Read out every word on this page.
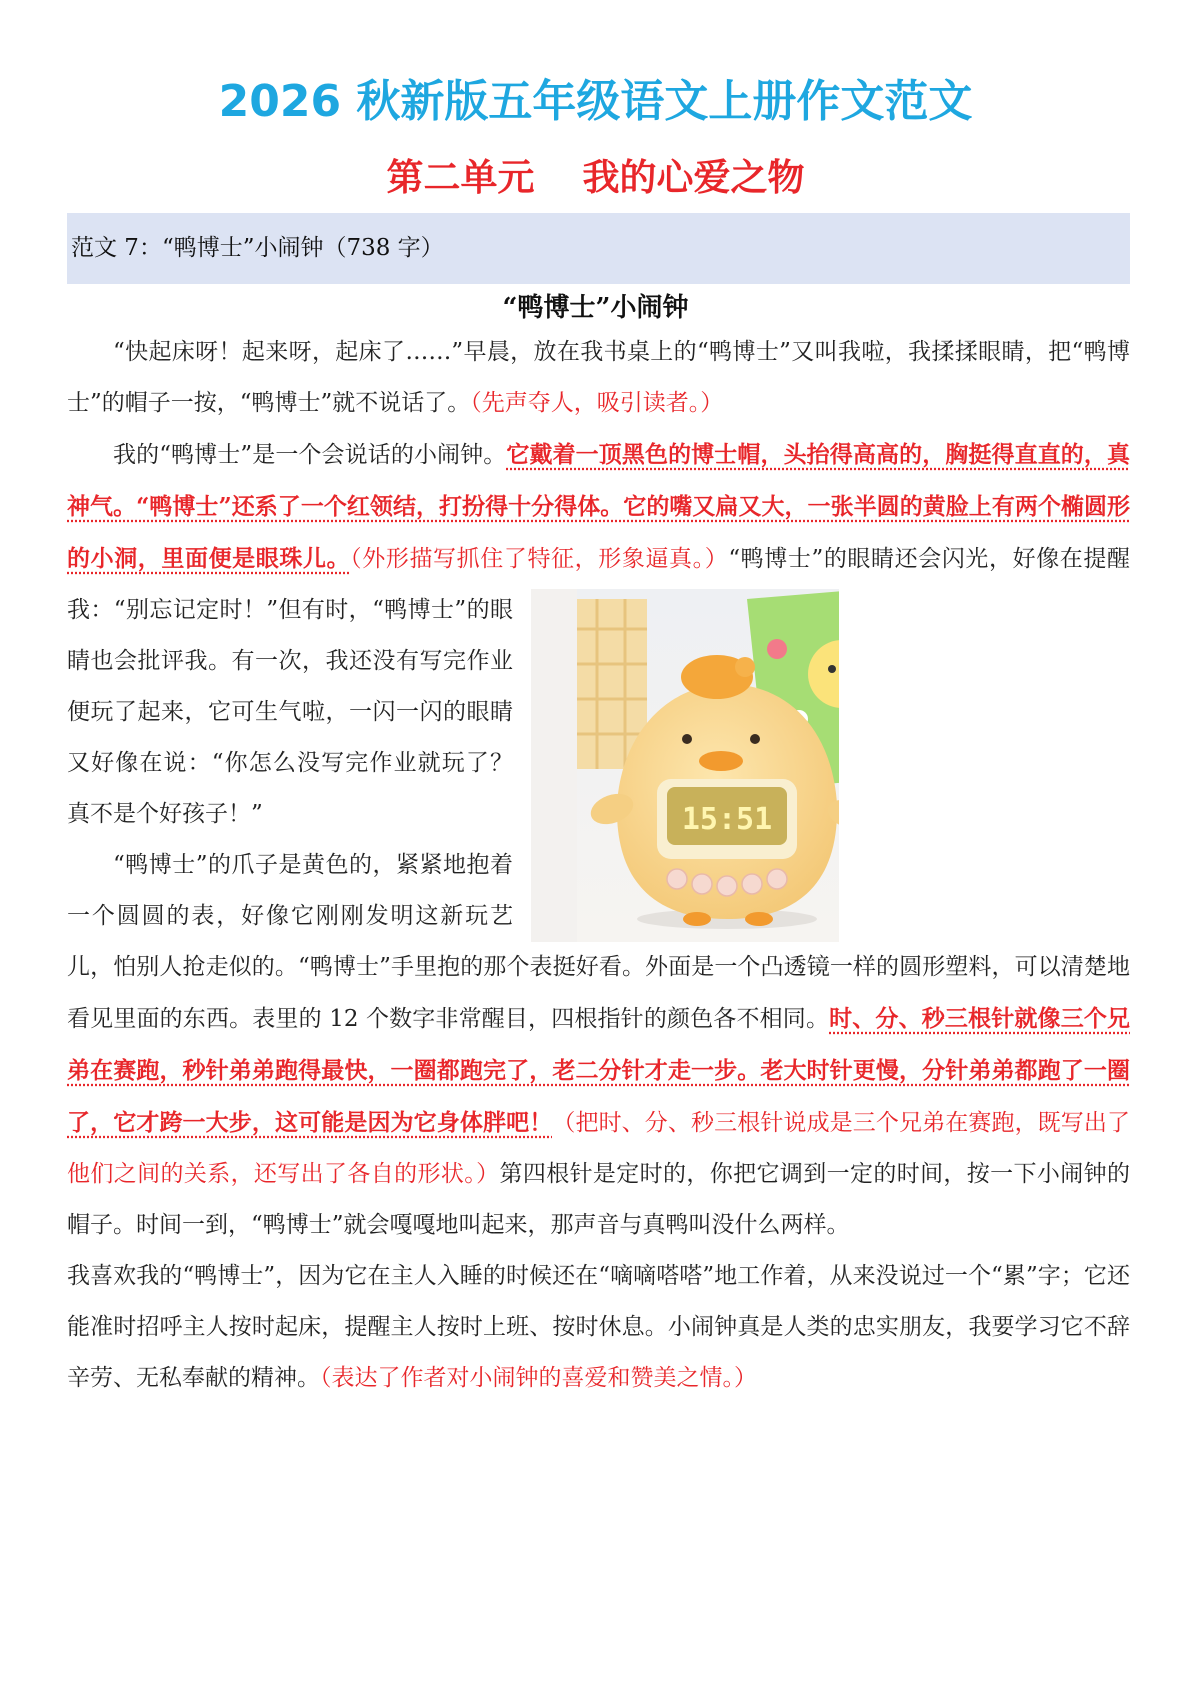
2026 秋新版五年级语文上册作文范文
第二单元 我的心爱之物
范文 7：“鸭博士”小闹钟（738 字）
“鸭博士”小闹钟

“快起床呀！起来呀，起床了……”早晨，放在我书桌上的“鸭博士”又叫我啦，我揉揉眼睛，把“鸭博士”的帽子一按，“鸭博士”就不说话了。（先声夺人，吸引读者。）

我的“鸭博士”是一个会说话的小闹钟。它戴着一顶黑色的博士帽，头抬得高高的，胸挺得直直的，真神气。“鸭博士”还系了一个红领结，打扮得十分得体。它的嘴又扁又大，一张半圆的黄脸上有两个椭圆形的小洞，里面便是眼珠儿。（外形描写抓住了特征，形象逼真。）
15:51
“鸭博士”的眼睛还会闪光，好像在提醒我：“别忘记定时！”但有时，“鸭博士”的眼睛也会批评我。有一次，我还没有写完作业便玩了起来，它可生气啦，一闪一闪的眼睛又好像在说：“你怎么没写完作业就玩了？真不是个好孩子！”

“鸭博士”的爪子是黄色的，紧紧地抱着一个圆圆的表，好像它刚刚发明这新玩艺儿，怕别人抢走似的。“鸭博士”手里抱的那个表挺好看。外面是一个凸透镜一样的圆形塑料，可以清楚地看见里面的东西。表里的 12 个数字非常醒目，四根指针的颜色各不相同。时、分、秒三根针就像三个兄弟在赛跑，秒针弟弟跑得最快，一圈都跑完了，老二分针才走一步。老大时针更慢，分针弟弟都跑了一圈了，它才跨一大步，这可能是因为它身体胖吧！（把时、分、秒三根针说成是三个兄弟在赛跑，既写出了他们之间的关系，还写出了各自的形状。）第四根针是定时的，你把它调到一定的时间，按一下小闹钟的帽子。时间一到，“鸭博士”就会嘎嘎地叫起来，那声音与真鸭叫没什么两样。

我喜欢我的“鸭博士”，因为它在主人入睡的时候还在“嘀嘀嗒嗒”地工作着，从来没说过一个“累”字；它还能准时招呼主人按时起床，提醒主人按时上班、按时休息。小闹钟真是人类的忠实朋友，我要学习它不辞辛劳、无私奉献的精神。（表达了作者对小闹钟的喜爱和赞美之情。）
